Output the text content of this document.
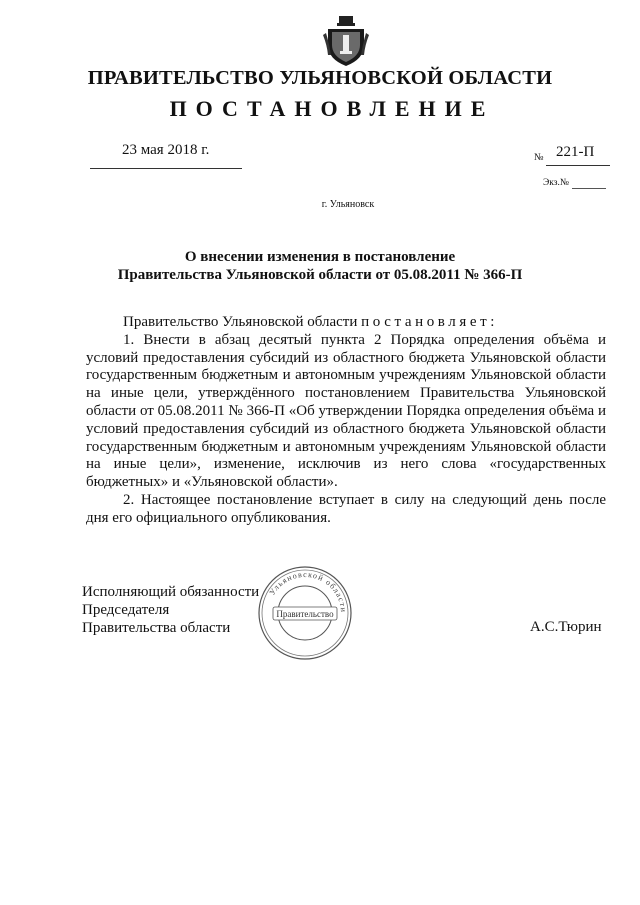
ПРАВИТЕЛЬСТВО УЛЬЯНОВСКОЙ ОБЛАСТИ
ПОСТАНОВЛЕНИЕ
23 мая 2018 г.	№ 221-П
Экз.№
г. Ульяновск
О внесении изменения в постановление
Правительства Ульяновской области от 05.08.2011 № 366-П
Правительство Ульяновской области постановляет:

1. Внести в абзац десятый пункта 2 Порядка определения объёма и условий предоставления субсидий из областного бюджета Ульяновской области государственным бюджетным и автономным учреждениям Ульяновской области на иные цели, утверждённого постановлением Правительства Ульяновской области от 05.08.2011 № 366-П «Об утверждении Порядка определения объёма и условий предоставления субсидий из областного бюджета Ульяновской области государственным бюджетным и автономным учреждениям Ульяновской области на иные цели», изменение, исключив из него слова «государственных бюджетных» и «Ульяновской области».

2. Настоящее постановление вступает в силу на следующий день после дня его официального опубликования.

Исполняющий обязанности
Председателя
Правительства области	А.С.Тюрин
Ульяновской области
Правительство
